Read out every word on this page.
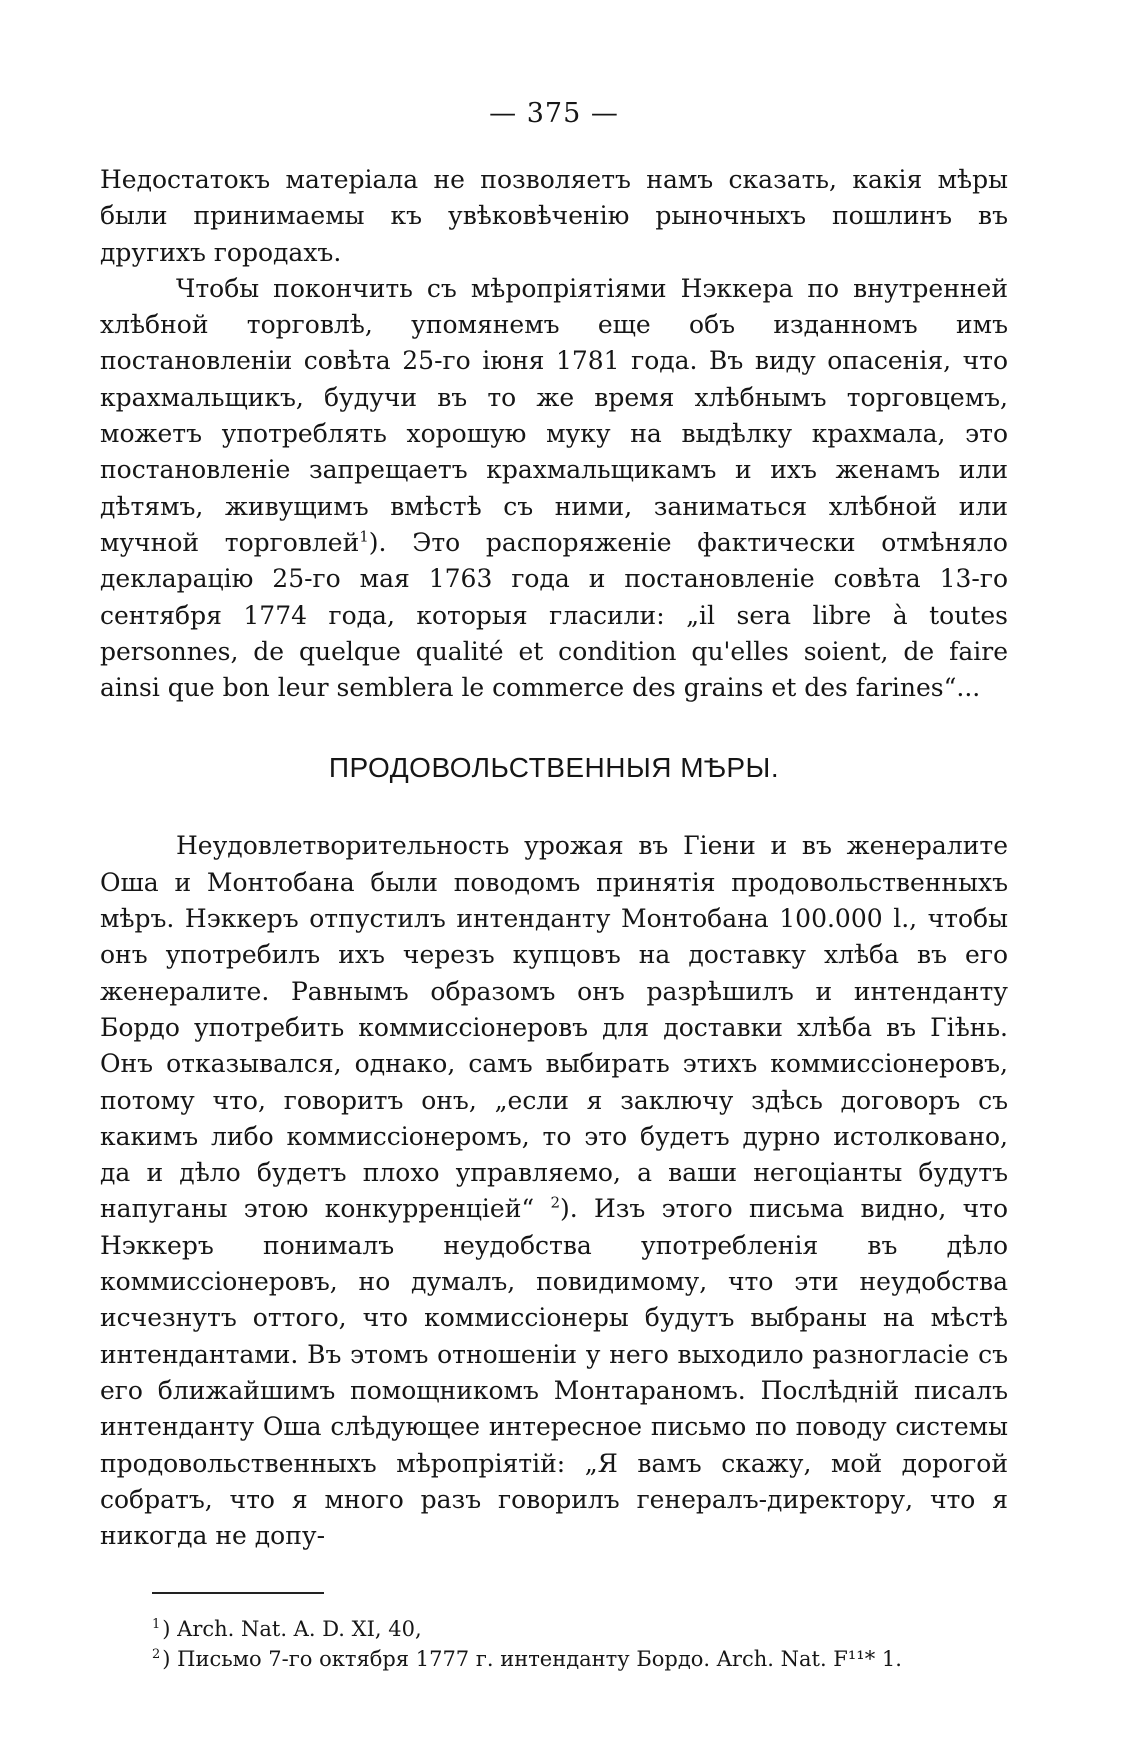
— 375 —

Недостатокъ матеріала не позволяетъ намъ сказать, какія мѣры были принимаемы къ увѣковѣченію рыночныхъ пошлинъ въ другихъ городахъ.

Чтобы покончить съ мѣропріятіями Нэккера по внутренней хлѣбной торговлѣ, упомянемъ еще объ изданномъ имъ постановленіи совѣта 25-го іюня 1781 года. Въ виду опасенія, что крахмальщикъ, будучи въ то же время хлѣбнымъ торговцемъ, можетъ употреблять хорошую муку на выдѣлку крахмала, это постановленіе запрещаетъ крахмальщикамъ и ихъ женамъ или дѣтямъ, живущимъ вмѣстѣ съ ними, заниматься хлѣбной или мучной торговлей$^1$). Это распоряженіе фактически отмѣняло декларацію 25-го мая 1763 года и постановленіе совѣта 13-го сентября 1774 года, которыя гласили: „il sera libre à toutes personnes, de quelque qualité et condition qu'elles soient, de faire ainsi que bon leur semblera le commerce des grains et des farines“...

ПРОДОВОЛЬСТВЕННЫЯ МѢРЫ.

Неудовлетворительность урожая въ Гіени и въ женералите Оша и Монтобана были поводомъ принятія продовольственныхъ мѣръ. Нэккеръ отпустилъ интенданту Монтобана 100.000 l., чтобы онъ употребилъ ихъ черезъ купцовъ на доставку хлѣба въ его женералите. Равнымъ образомъ онъ разрѣшилъ и интенданту Бордо употребить коммиссіонеровъ для доставки хлѣба въ Гіѣнь. Онъ отказывался, однако, самъ выбирать этихъ коммиссіонеровъ, потому что, говоритъ онъ, „если я заключу здѣсь договоръ съ какимъ либо коммиссіонеромъ, то это будетъ дурно истолковано, да и дѣло будетъ плохо управляемо, а ваши негоціанты будутъ напуганы этою конкурренціей“ $^2$). Изъ этого письма видно, что Нэккеръ понималъ неудобства употребленія въ дѣло коммиссіонеровъ, но думалъ, повидимому, что эти неудобства исчезнутъ оттого, что коммиссіонеры будутъ выбраны на мѣстѣ интендантами. Въ этомъ отношеніи у него выходило разногласіе съ его ближайшимъ помощникомъ Монтараномъ. Послѣдній писалъ интенданту Оша слѣдующее интересное письмо по поводу системы продовольственныхъ мѣропріятій: „Я вамъ скажу, мой дорогой собратъ, что я много разъ говорилъ генералъ-директору, что я никогда не допу-

$^1$) Arch. Nat. A. D. XI, 40,
$^2$) Письмо 7-го октября 1777 г. интенданту Бордо. Arch. Nat. F¹¹* 1.
